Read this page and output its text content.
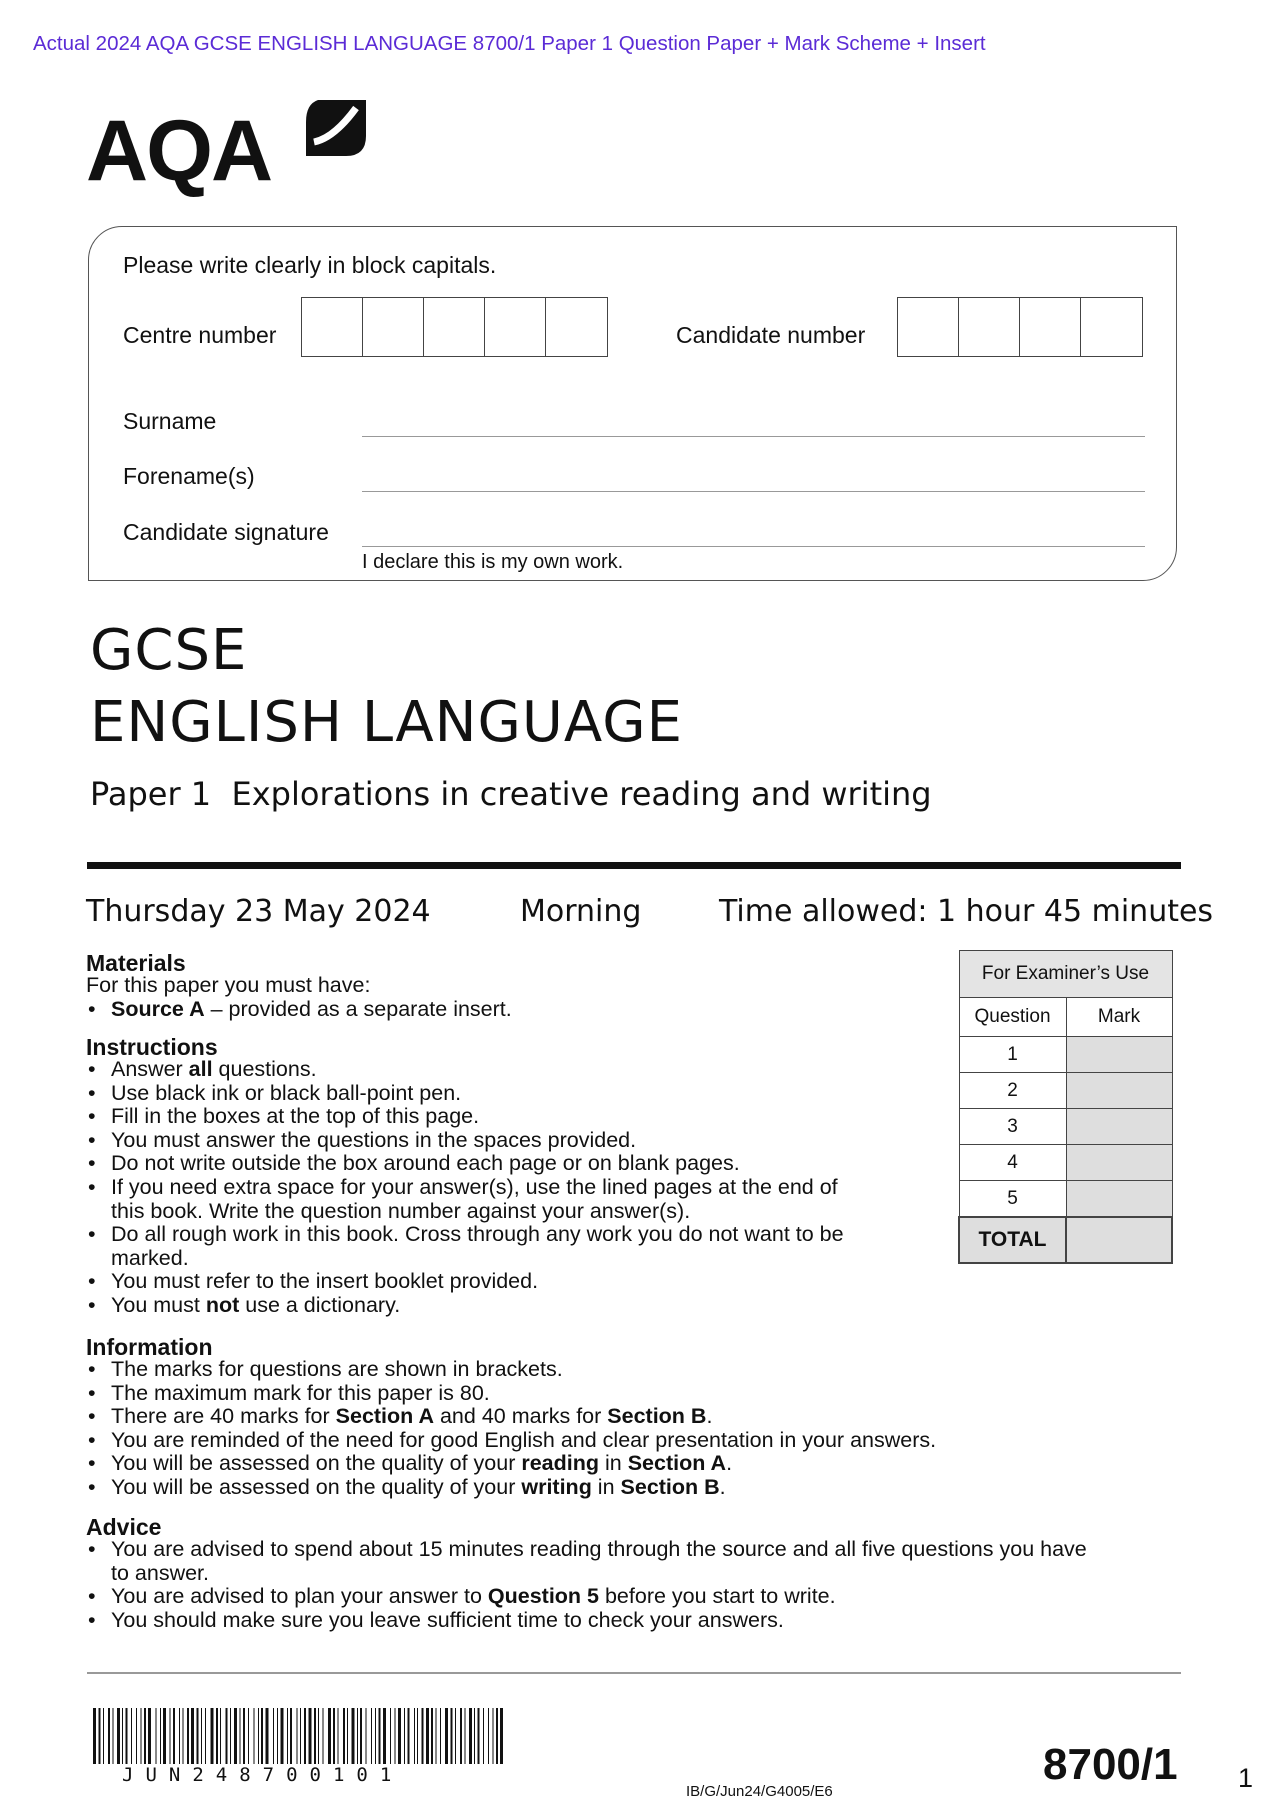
Actual 2024 AQA GCSE ENGLISH LANGUAGE 8700/1 Paper 1 Question Paper + Mark Scheme + Insert
AQA
Please write clearly in block capitals.
Centre number	Candidate number
Surname
Forename(s)
Candidate signature
I declare this is my own work.
GCSE
ENGLISH LANGUAGE
Paper 1  Explorations in creative reading and writing
Thursday 23 May 2024	Morning	Time allowed: 1 hour 45 minutes
Materials
For this paper you must have:
• Source A – provided as a separate insert.
Instructions
• Answer all questions.
• Use black ink or black ball-point pen.
• Fill in the boxes at the top of this page.
• You must answer the questions in the spaces provided.
• Do not write outside the box around each page or on blank pages.
• If you need extra space for your answer(s), use the lined pages at the end of
this book. Write the question number against your answer(s).
• Do all rough work in this book. Cross through any work you do not want to be
marked.
• You must refer to the insert booklet provided.
• You must not use a dictionary.
Information
• The marks for questions are shown in brackets.
• The maximum mark for this paper is 80.
• There are 40 marks for Section A and 40 marks for Section B.
• You are reminded of the need for good English and clear presentation in your answers.
• You will be assessed on the quality of your reading in Section A.
• You will be assessed on the quality of your writing in Section B.
Advice
• You are advised to spend about 15 minutes reading through the source and all five questions you have
to answer.
• You are advised to plan your answer to Question 5 before you start to write.
• You should make sure you leave sufficient time to check your answers.
For Examiner’s Use	
Question	Mark
1	
2	
3	
4	
5	
TOTAL	
JUN248700101
IB/G/Jun24/G4005/E6
8700/1 1
